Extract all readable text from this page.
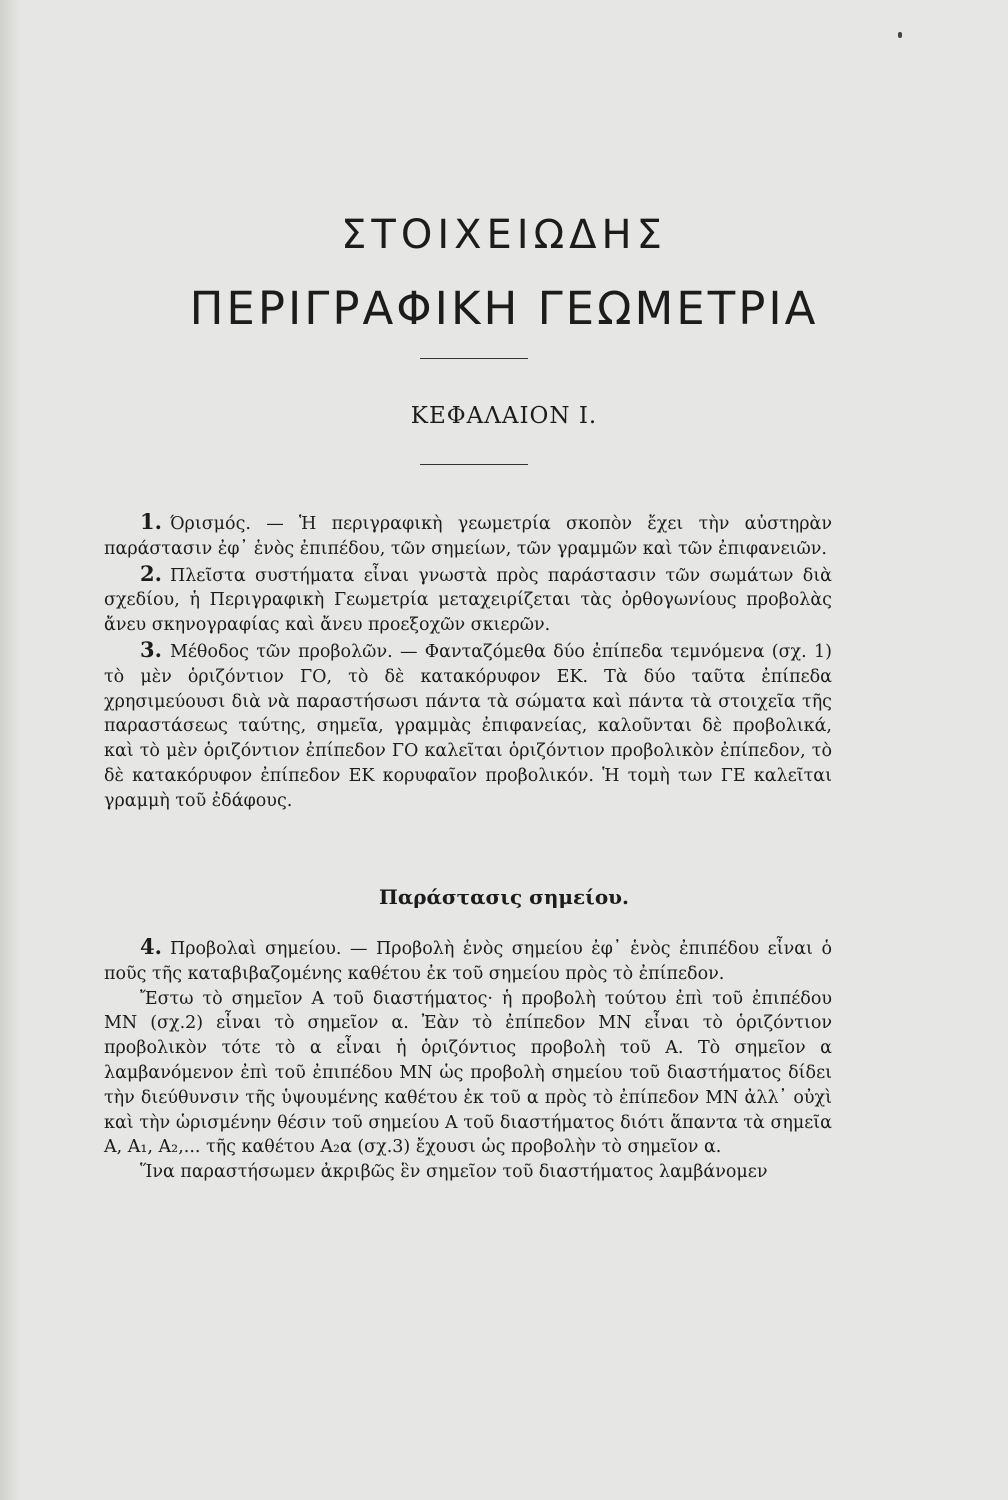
ΣΤΟΙΧΕΙΩΔΗΣ
ΠΕΡΙΓΡΑΦΙΚΗ ΓΕΩΜΕΤΡΙΑ
ΚΕΦΑΛΑΙΟΝ I.

1. Όρισμός. — Ἡ περιγραφικὴ γεωμετρία σκοπὸν ἔχει τὴν αὐστηρὰν παράστασιν ἐφ᾽ ἑνὸς ἐπιπέδου, τῶν σημείων, τῶν γραμμῶν καὶ τῶν ἐπιφανειῶν.

2. Πλεῖστα συστήματα εἶναι γνωστὰ πρὸς παράστασιν τῶν σωμάτων διὰ σχεδίου, ἡ Περιγραφικὴ Γεωμετρία μεταχειρίζεται τὰς ὀρθογωνίους προβολὰς ἄνευ σκηνογραφίας καὶ ἄνευ προεξοχῶν σκιερῶν.

3. Μέθοδος τῶν προβολῶν. — Φανταζόμεθα δύο ἐπίπεδα τεμνόμενα (σχ. 1) τὸ μὲν ὁριζόντιον ΓΟ, τὸ δὲ κατακόρυφον ΕΚ. Τὰ δύο ταῦτα ἐπίπεδα χρησιμεύουσι διὰ νὰ παραστήσωσι πάντα τὰ σώματα καὶ πάντα τὰ στοιχεῖα τῆς παραστάσεως ταύτης, σημεῖα, γραμμὰς ἐπιφανείας, καλοῦνται δὲ προβολικά, καὶ τὸ μὲν ὁριζόντιον ἐπίπεδον ΓΟ καλεῖται ὁριζόντιον προβολικὸν ἐπίπεδον, τὸ δὲ κατακόρυφον ἐπίπεδον ΕΚ κορυφαῖον προβολικόν. Ἡ τομὴ των ΓΕ καλεῖται γραμμὴ τοῦ ἐδάφους.

Παράστασις σημείου.

4. Προβολαὶ σημείου. — Προβολὴ ἑνὸς σημείου ἐφ᾽ ἑνὸς ἐπιπέδου εἶναι ὁ ποῦς τῆς καταβιβαζομένης καθέτου ἐκ τοῦ σημείου πρὸς τὸ ἐπίπεδον.

Ἔστω τὸ σημεῖον Α τοῦ διαστήματος· ἡ προβολὴ τούτου ἐπὶ τοῦ ἐπιπέδου ΜΝ (σχ.2) εἶναι τὸ σημεῖον α. Ἐὰν τὸ ἐπίπεδον ΜΝ εἶναι τὸ ὁριζόντιον προβολικὸν τότε τὸ α εἶναι ἡ ὁριζόντιος προβολὴ τοῦ Α. Τὸ σημεῖον α λαμβανόμενον ἐπὶ τοῦ ἐπιπέδου ΜΝ ὡς προβολὴ σημείου τοῦ διαστήματος δίδει τὴν διεύθυνσιν τῆς ὑψουμένης καθέτου ἐκ τοῦ α πρὸς τὸ ἐπίπεδον ΜΝ ἀλλ᾽ οὐχὶ καὶ τὴν ὡρισμένην θέσιν τοῦ σημείου Α τοῦ διαστήματος διότι ἅπαντα τὰ σημεῖα Α, Α₁, Α₂,... τῆς καθέτου Α₂α (σχ.3) ἔχουσι ὡς προβολὴν τὸ σημεῖον α.

Ἵνα παραστήσωμεν ἀκριβῶς ἓν σημεῖον τοῦ διαστήματος λαμβάνομεν
